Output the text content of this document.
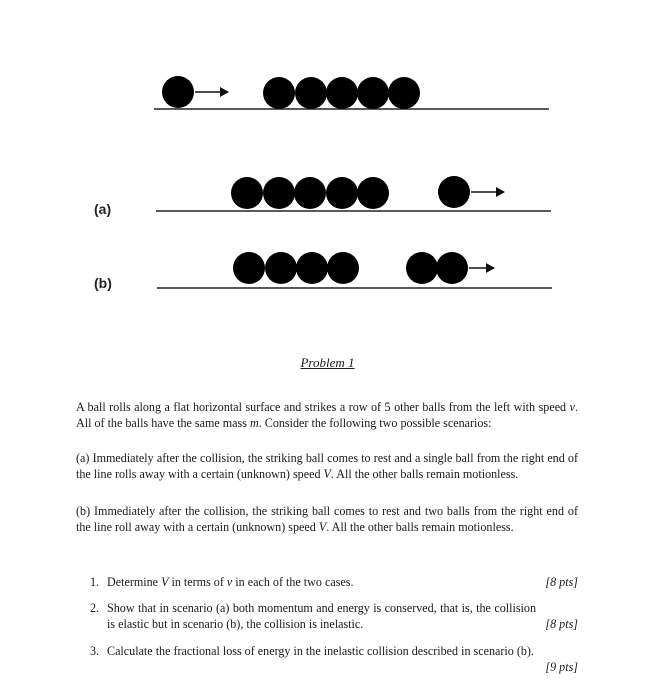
(a)
(b)
Problem 1

A ball rolls along a flat horizontal surface and strikes a row of 5 other balls from the left with speed v. All of the balls have the same mass m. Consider the following two possible scenarios:

(a) Immediately after the collision, the striking ball comes to rest and a single ball from the right end of the line rolls away with a certain (unknown) speed V. All the other balls remain motionless.

(b) Immediately after the collision, the striking ball comes to rest and two balls from the right end of the line roll away with a certain (unknown) speed V. All the other balls remain motionless.

1. Determine V in terms of v in each of the two cases.	[8 pts]
2. Show that in scenario (a) both momentum and energy is conserved, that is, the collision is elastic but in scenario (b), the collision is inelastic.	[8 pts]
3. Calculate the fractional loss of energy in the inelastic collision described in scenario (b).
[9 pts]
